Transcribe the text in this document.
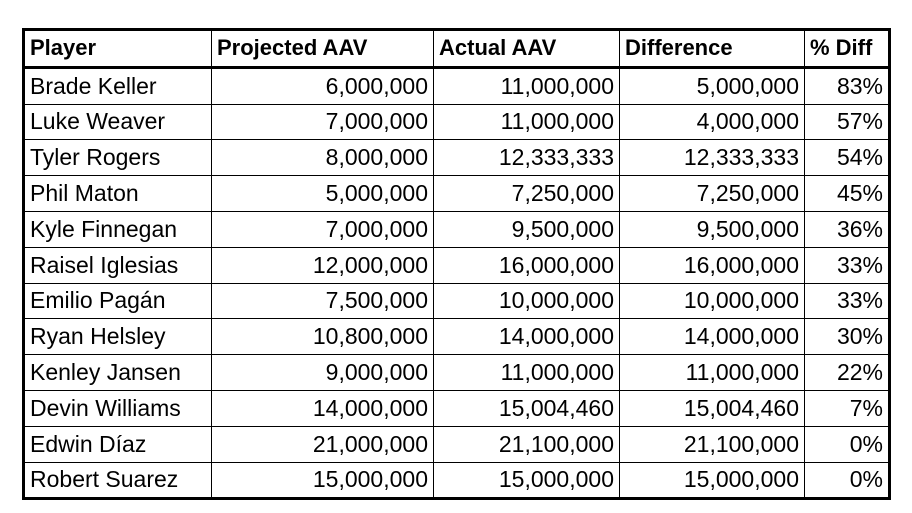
Player	Projected AAV	Actual AAV	Difference	% Diff
Brade Keller	6,000,000	11,000,000	5,000,000	83%
Luke Weaver	7,000,000	11,000,000	4,000,000	57%
Tyler Rogers	8,000,000	12,333,333	12,333,333	54%
Phil Maton	5,000,000	7,250,000	7,250,000	45%
Kyle Finnegan	7,000,000	9,500,000	9,500,000	36%
Raisel Iglesias	12,000,000	16,000,000	16,000,000	33%
Emilio Pagán	7,500,000	10,000,000	10,000,000	33%
Ryan Helsley	10,800,000	14,000,000	14,000,000	30%
Kenley Jansen	9,000,000	11,000,000	11,000,000	22%
Devin Williams	14,000,000	15,004,460	15,004,460	7%
Edwin Díaz	21,000,000	21,100,000	21,100,000	0%
Robert Suarez	15,000,000	15,000,000	15,000,000	0%
